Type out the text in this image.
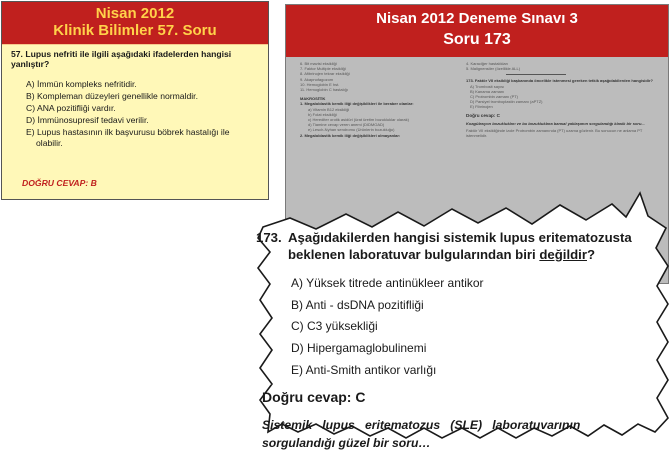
Nisan 2012
Klinik Bilimler 57. Soru
57. Lupus nefriti ile ilgili aşağıdaki ifadelerden hangisi yanlıştır?
A) İmmün kompleks nefritidir.
B) Kompleman düzeyleri genellikle normaldir.
C) ANA pozitifliği vardır.
D) İmmünosupresif tedavi verilir.
E) Lupus hastasının ilk başvurusu böbrek hastalığı ile olabilir.
DOĞRU CEVAP: B
Nisan 2012 Deneme Sınavı 3
Soru 173
6. Bit mavisi eksikliği
7. Faktor Multiple eksikliği
8. Afibrinojen tekrar eksikliği
9. Akapnofagozom
10. Hemoglobin E hst.
11. Hemoglobin C hastalığı
MAKROSİTİK
1. Megaloblastik kemik iliği değişiklikleri ile beraber olanlar:
a) Vitamin B12 eksikliği
b) Folat eksikliği
c) Herediter orotik asidüri (ürat üretim bozukluklar olarak)
d) Tiamine cevap veren anemi (DIDMOAD)
e) Lesch-Nyhan sendromu (Ürünlerin bozukluğu)
2. Megaloblastik kemik iliği değişiklikleri olmayanlar:
4. Karaciğer hastalıkları
5. Malignensiler (özellikle ALL)
173. Faktör VII eksikliği başkanında öncelikle istenmesi gereken tetkik aşağıdakilerden hangisidir?
A) Trombosit sayısı
B) Kanama zamanı
C) Protrombin zamanı (PT)
D) Parsiyel tromboplastin zamanı (aPTZ)
E) Fibrinojen
Doğru cevap: C
Koagülasyon bozuklukları ve bu bozukluklara bansal yaklaşımın sorgulandığı klasik bir soru...
Faktör VII eksikliğinde izole Protrombin zamanında (PT) uzama gözlenir. Bu sonucun ne anlama PT istenmelidir.
173. Aşağıdakilerden hangisi sistemik lupus eritematozusta
beklenen laboratuvar bulgularından biri değildir?
A) Yüksek titrede antinükleer antikor
B) Anti - dsDNA pozitifliği
C) C3 yüksekliği
D) Hipergamaglobulinemi
E) Anti-Smith antikor varlığı
Doğru cevap: C
Sistemik   lupus   eritematozus   (SLE)   laboratuvarının
sorgulandığı güzel bir soru…
